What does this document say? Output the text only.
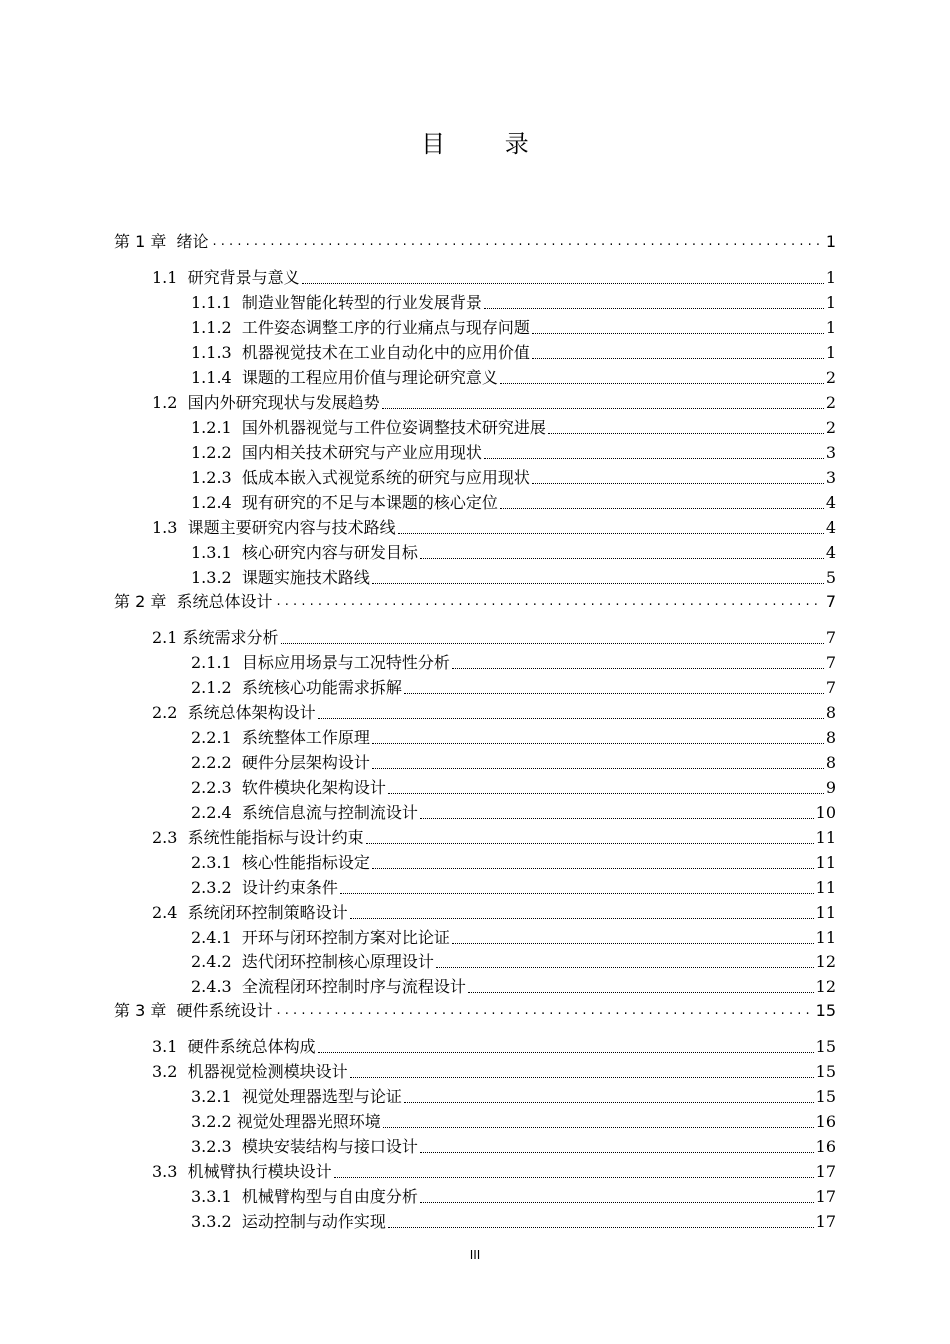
目 录
第 1 章  绪论 . . .	1
1.1  研究背景与意义	1
1.1.1  制造业智能化转型的行业发展背景	1
1.1.2  工件姿态调整工序的行业痛点与现存问题	1
1.1.3  机器视觉技术在工业自动化中的应用价值	1
1.1.4  课题的工程应用价值与理论研究意义	2
1.2  国内外研究现状与发展趋势	2
1.2.1  国外机器视觉与工件位姿调整技术研究进展	2
1.2.2  国内相关技术研究与产业应用现状	3
1.2.3  低成本嵌入式视觉系统的研究与应用现状	3
1.2.4  现有研究的不足与本课题的核心定位	4
1.3  课题主要研究内容与技术路线	4
1.3.1  核心研究内容与研发目标	4
1.3.2  课题实施技术路线	5
第 2 章  系统总体设计 . . .	7
2.1 系统需求分析	7
2.1.1  目标应用场景与工况特性分析	7
2.1.2  系统核心功能需求拆解	7
2.2  系统总体架构设计	8
2.2.1  系统整体工作原理	8
2.2.2  硬件分层架构设计	8
2.2.3  软件模块化架构设计	9
2.2.4  系统信息流与控制流设计	10
2.3  系统性能指标与设计约束	11
2.3.1  核心性能指标设定	11
2.3.2  设计约束条件	11
2.4  系统闭环控制策略设计	11
2.4.1  开环与闭环控制方案对比论证	11
2.4.2  迭代闭环控制核心原理设计	12
2.4.3  全流程闭环控制时序与流程设计	12
第 3 章  硬件系统设计 . . .	15
3.1  硬件系统总体构成	15
3.2  机器视觉检测模块设计	15
3.2.1  视觉处理器选型与论证	15
3.2.2 视觉处理器光照环境	16
3.2.3  模块安装结构与接口设计	16
3.3  机械臂执行模块设计	17
3.3.1  机械臂构型与自由度分析	17
3.3.2  运动控制与动作实现	17
III
